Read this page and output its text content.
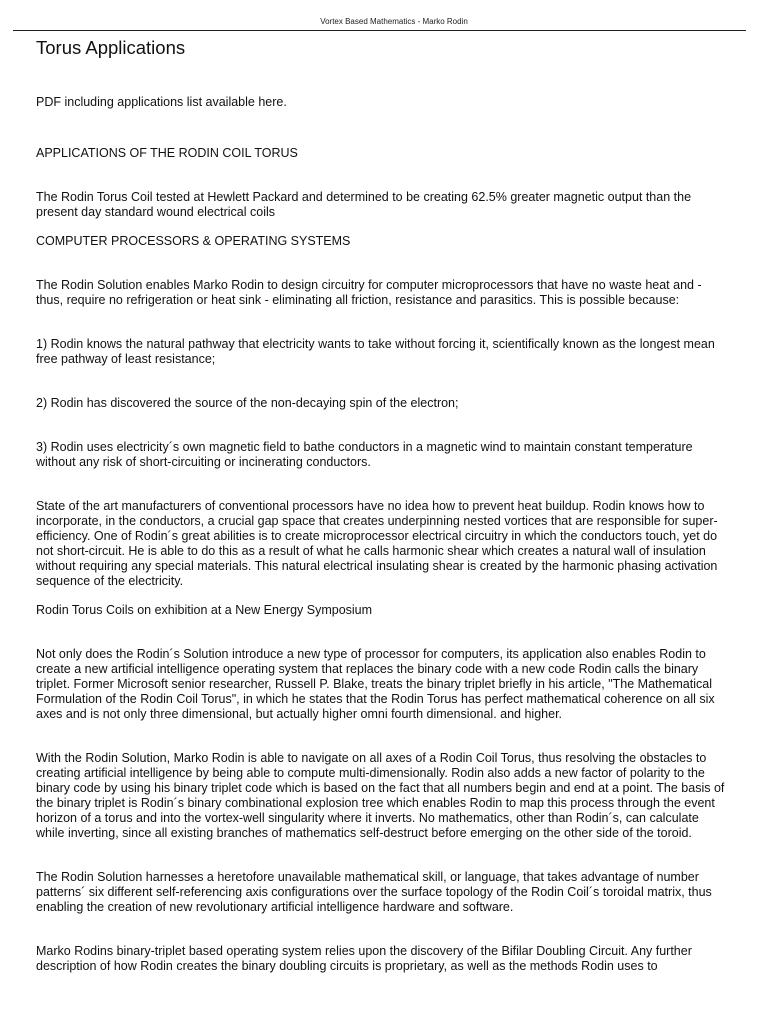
Vortex Based Mathematics - Marko Rodin
Torus Applications

PDF including applications list available here.

APPLICATIONS OF THE RODIN COIL TORUS

The Rodin Torus Coil tested at Hewlett Packard and determined to be creating 62.5% greater magnetic output than the present day standard wound electrical coils

COMPUTER PROCESSORS & OPERATING SYSTEMS

The Rodin Solution enables Marko Rodin to design circuitry for computer microprocessors that have no waste heat and - thus, require no refrigeration or heat sink - eliminating all friction, resistance and parasitics. This is possible because:

1) Rodin knows the natural pathway that electricity wants to take without forcing it, scientifically known as the longest mean free pathway of least resistance;

2) Rodin has discovered the source of the non-decaying spin of the electron;

3) Rodin uses electricity´s own magnetic field to bathe conductors in a magnetic wind to maintain constant temperature without any risk of short-circuiting or incinerating conductors.

State of the art manufacturers of conventional processors have no idea how to prevent heat buildup. Rodin knows how to incorporate, in the conductors, a crucial gap space that creates underpinning nested vortices that are responsible for super-efficiency. One of Rodin´s great abilities is to create microprocessor electrical circuitry in which the conductors touch, yet do not short-circuit. He is able to do this as a result of what he calls harmonic shear which creates a natural wall of insulation without requiring any special materials. This natural electrical insulating shear is created by the harmonic phasing activation sequence of the electricity.

Rodin Torus Coils on exhibition at a New Energy Symposium

Not only does the Rodin´s Solution introduce a new type of processor for computers, its application also enables Rodin to create a new artificial intelligence operating system that replaces the binary code with a new code Rodin calls the binary triplet. Former Microsoft senior researcher, Russell P. Blake, treats the binary triplet briefly in his article, "The Mathematical Formulation of the Rodin Coil Torus", in which he states that the Rodin Torus has perfect mathematical coherence on all six axes and is not only three dimensional, but actually higher omni fourth dimensional. and higher.

With the Rodin Solution, Marko Rodin is able to navigate on all axes of a Rodin Coil Torus, thus resolving the obstacles to creating artificial intelligence by being able to compute multi-dimensionally. Rodin also adds a new factor of polarity to the binary code by using his binary triplet code which is based on the fact that all numbers begin and end at a point. The basis of the binary triplet is Rodin´s binary combinational explosion tree which enables Rodin to map this process through the event horizon of a torus and into the vortex-well singularity where it inverts. No mathematics, other than Rodin´s, can calculate while inverting, since all existing branches of mathematics self-destruct before emerging on the other side of the toroid.

The Rodin Solution harnesses a heretofore unavailable mathematical skill, or language, that takes advantage of number patterns´ six different self-referencing axis configurations over the surface topology of the Rodin Coil´s toroidal matrix, thus enabling the creation of new revolutionary artificial intelligence hardware and software.

Marko Rodins binary-triplet based operating system relies upon the discovery of the Bifilar Doubling Circuit. Any further description of how Rodin creates the binary doubling circuits is proprietary, as well as the methods Rodin uses to
